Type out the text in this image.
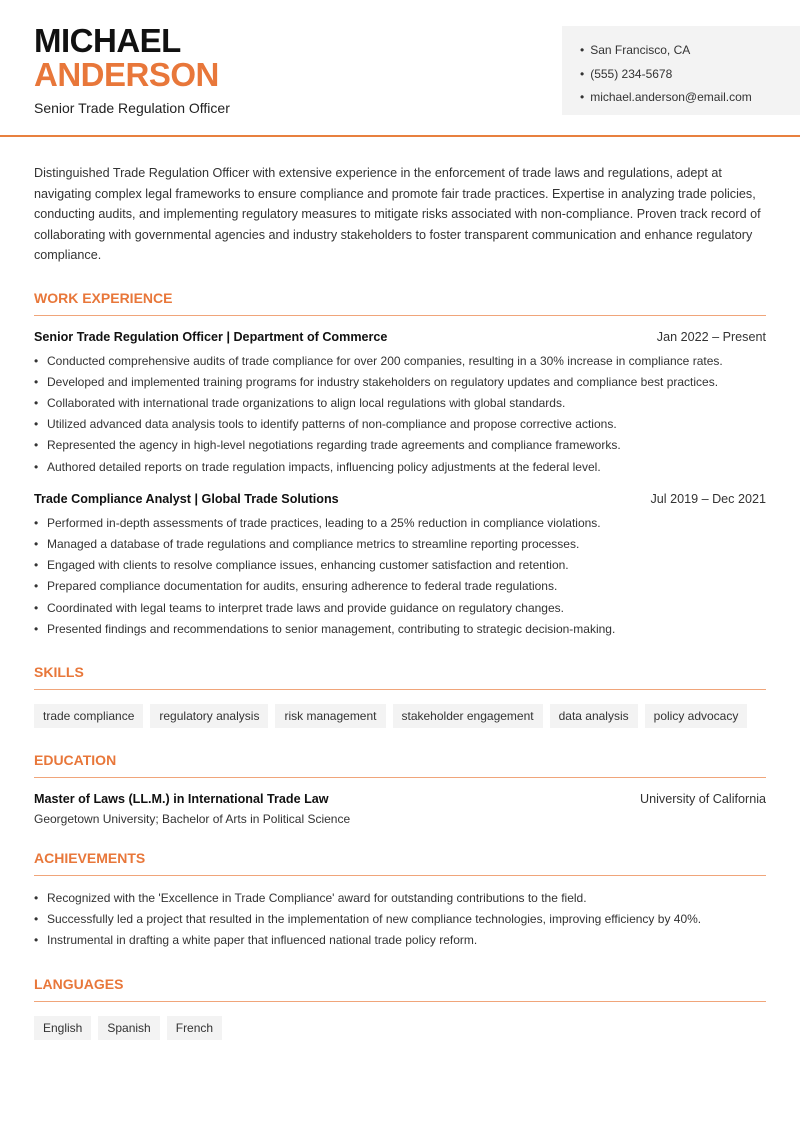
MICHAEL
ANDERSON
Senior Trade Regulation Officer
• San Francisco, CA
• (555) 234-5678
• michael.anderson@email.com

Distinguished Trade Regulation Officer with extensive experience in the enforcement of trade laws and regulations, adept at navigating complex legal frameworks to ensure compliance and promote fair trade practices. Expertise in analyzing trade policies, conducting audits, and implementing regulatory measures to mitigate risks associated with non-compliance. Proven track record of collaborating with governmental agencies and industry stakeholders to foster transparent communication and enhance regulatory compliance.

WORK EXPERIENCE
Senior Trade Regulation Officer | Department of Commerce	Jan 2022 – Present
• Conducted comprehensive audits of trade compliance for over 200 companies, resulting in a 30% increase in compliance rates.
• Developed and implemented training programs for industry stakeholders on regulatory updates and compliance best practices.
• Collaborated with international trade organizations to align local regulations with global standards.
• Utilized advanced data analysis tools to identify patterns of non-compliance and propose corrective actions.
• Represented the agency in high-level negotiations regarding trade agreements and compliance frameworks.
• Authored detailed reports on trade regulation impacts, influencing policy adjustments at the federal level.
Trade Compliance Analyst | Global Trade Solutions	Jul 2019 – Dec 2021
• Performed in-depth assessments of trade practices, leading to a 25% reduction in compliance violations.
• Managed a database of trade regulations and compliance metrics to streamline reporting processes.
• Engaged with clients to resolve compliance issues, enhancing customer satisfaction and retention.
• Prepared compliance documentation for audits, ensuring adherence to federal trade regulations.
• Coordinated with legal teams to interpret trade laws and provide guidance on regulatory changes.
• Presented findings and recommendations to senior management, contributing to strategic decision-making.
SKILLS
trade compliance	regulatory analysis	risk management	stakeholder engagement	data analysis	policy advocacy
EDUCATION
Master of Laws (LL.M.) in International Trade Law	University of California
Georgetown University; Bachelor of Arts in Political Science
ACHIEVEMENTS
• Recognized with the 'Excellence in Trade Compliance' award for outstanding contributions to the field.
• Successfully led a project that resulted in the implementation of new compliance technologies, improving efficiency by 40%.
• Instrumental in drafting a white paper that influenced national trade policy reform.
LANGUAGES
English	Spanish	French
